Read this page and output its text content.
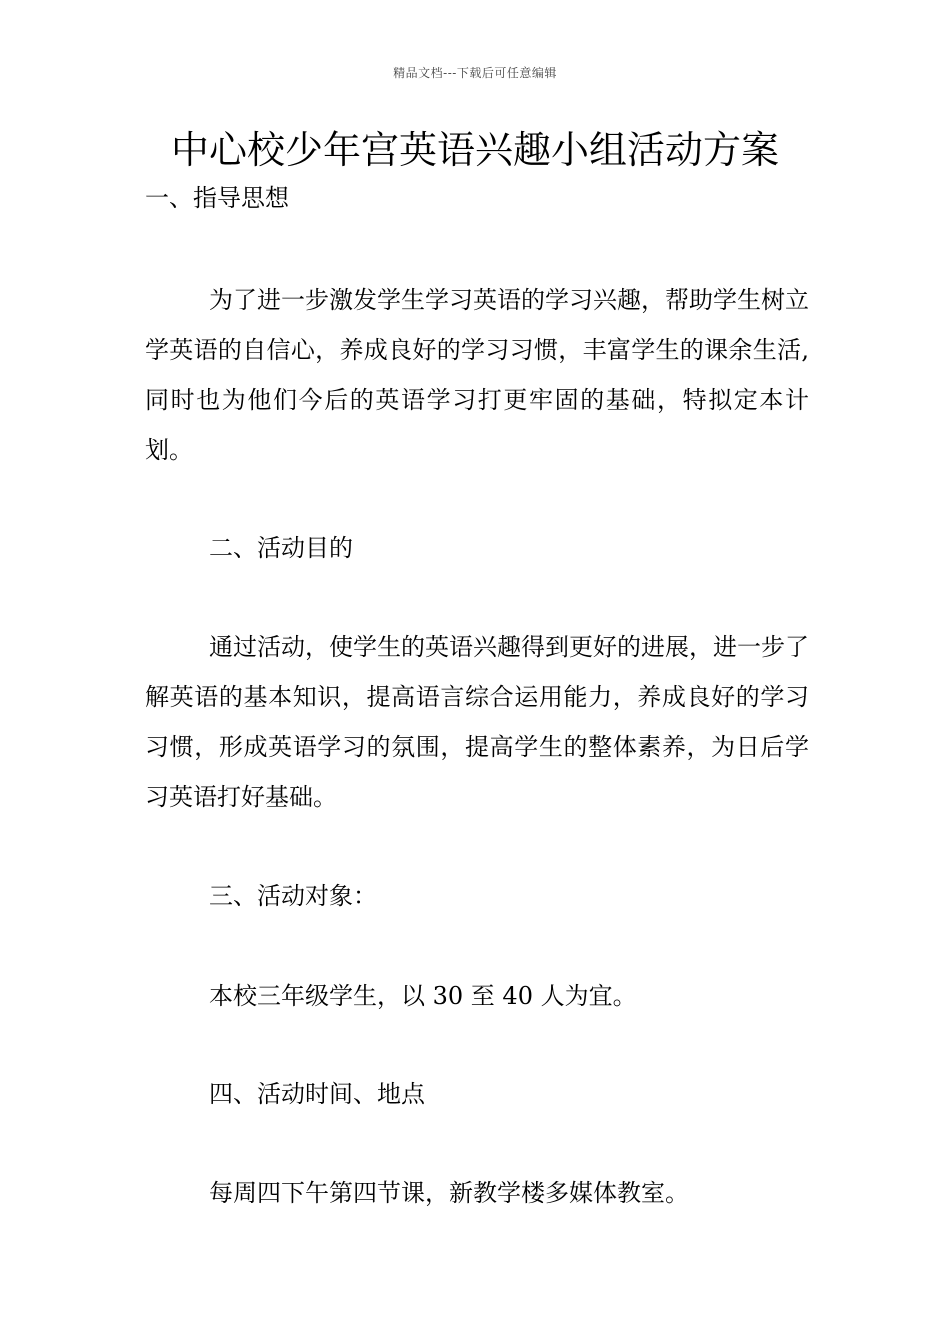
精品文档---下载后可任意编辑
中心校少年宫英语兴趣小组活动方案

一、指导思想

为了进一步激发学生学习英语的学习兴趣，帮助学生树立学英语的自信心，养成良好的学习习惯，丰富学生的课余生活,同时也为他们今后的英语学习打更牢固的基础，特拟定本计划。

二、活动目的

通过活动，使学生的英语兴趣得到更好的进展，进一步了解英语的基本知识，提高语言综合运用能力，养成良好的学习习惯，形成英语学习的氛围，提高学生的整体素养，为日后学习英语打好基础。

三、活动对象：

本校三年级学生，以 30 至 40 人为宜。

四、活动时间、地点

每周四下午第四节课，新教学楼多媒体教室。
